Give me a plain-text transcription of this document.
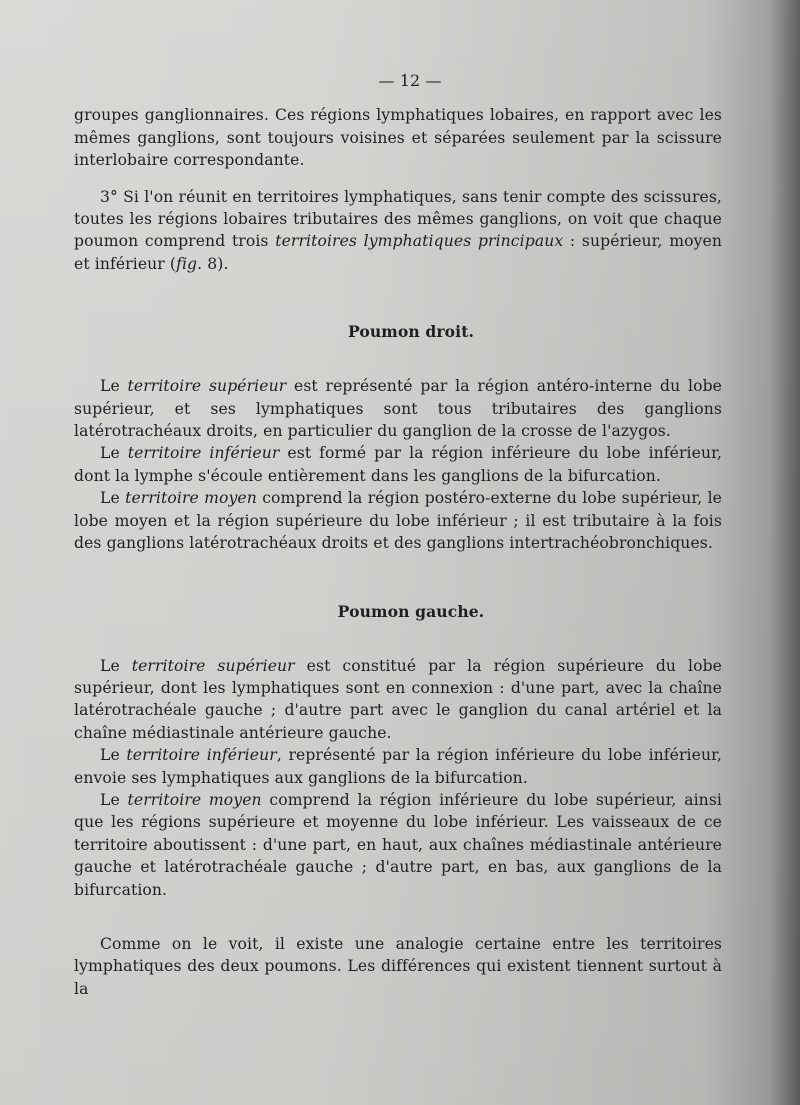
— 12 —

groupes ganglionnaires. Ces régions lymphatiques lobaires, en rapport avec les mêmes ganglions, sont toujours voisines et séparées seulement par la scissure interlobaire correspondante.

3° Si l'on réunit en territoires lymphatiques, sans tenir compte des scissures, toutes les régions lobaires tributaires des mêmes ganglions, on voit que chaque poumon comprend trois territoires lymphatiques principaux : supérieur, moyen et inférieur (fig. 8).

Poumon droit.

Le territoire supérieur est représenté par la région antéro-interne du lobe supérieur, et ses lymphatiques sont tous tributaires des ganglions latérotrachéaux droits, en particulier du ganglion de la crosse de l'azygos.

Le territoire inférieur est formé par la région inférieure du lobe inférieur, dont la lymphe s'écoule entièrement dans les ganglions de la bifurcation.

Le territoire moyen comprend la région postéro-externe du lobe supérieur, le lobe moyen et la région supérieure du lobe inférieur ; il est tributaire à la fois des ganglions latérotrachéaux droits et des ganglions intertrachéobronchiques.

Poumon gauche.

Le territoire supérieur est constitué par la région supérieure du lobe supérieur, dont les lymphatiques sont en connexion : d'une part, avec la chaîne latérotrachéale gauche ; d'autre part avec le ganglion du canal artériel et la chaîne médiastinale antérieure gauche.

Le territoire inférieur, représenté par la région inférieure du lobe inférieur, envoie ses lymphatiques aux ganglions de la bifurcation.

Le territoire moyen comprend la région inférieure du lobe supérieur, ainsi que les régions supérieure et moyenne du lobe inférieur. Les vaisseaux de ce territoire aboutissent : d'une part, en haut, aux chaînes médiastinale antérieure gauche et latérotrachéale gauche ; d'autre part, en bas, aux ganglions de la bifurcation.

Comme on le voit, il existe une analogie certaine entre les territoires lymphatiques des deux poumons. Les différences qui existent tiennent surtout à la
